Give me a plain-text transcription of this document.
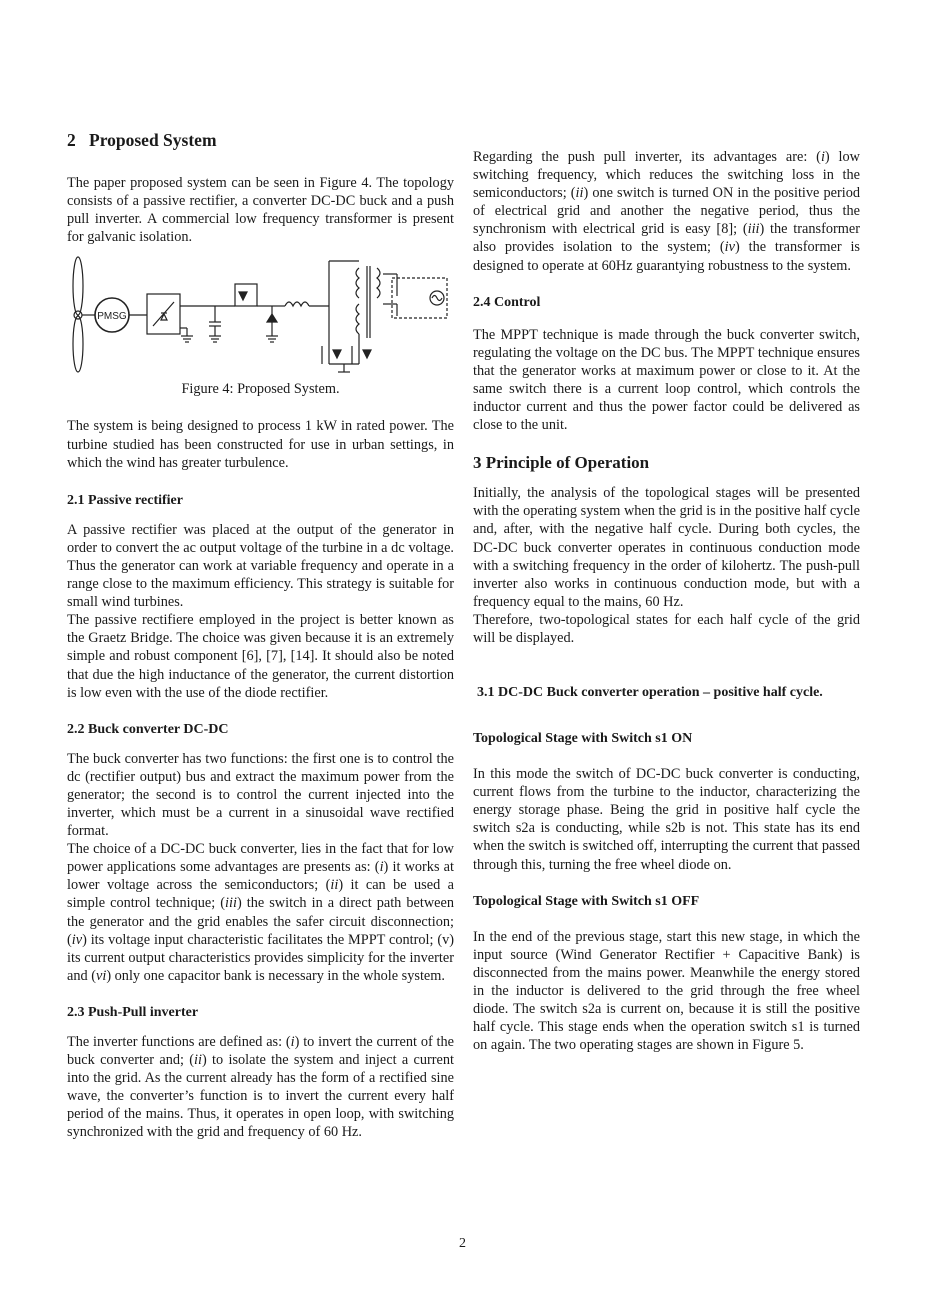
2 Proposed System

The paper proposed system can be seen in Figure 4. The topology consists of a passive rectifier, a converter DC-DC buck and a push pull inverter. A commercial low frequency transformer is present for galvanic isolation.

PMSG

Figure 4: Proposed System.

The system is being designed to process 1 kW in rated power. The turbine studied has been constructed for use in urban settings, in which the wind has greater turbulence.

2.1 Passive rectifier

A passive rectifier was placed at the output of the generator in order to convert the ac output voltage of the turbine in a dc voltage. Thus the generator can work at variable frequency and operate in a range close to the maximum efficiency. This strategy is suitable for small wind turbines.

The passive rectifiere employed in the project is better known as the Graetz Bridge. The choice was given because it is an extremely simple and robust component [6], [7], [14]. It should also be noted that due the high inductance of the generator, the current distortion is low even with the use of the diode rectifier.

2.2 Buck converter DC-DC

The buck converter has two functions: the first one is to control the dc (rectifier output) bus and extract the maximum power from the generator; the second is to control the current injected into the inverter, which must be a current in a sinusoidal wave rectified format.

The choice of a DC-DC buck converter, lies in the fact that for low power applications some advantages are presents as: (i) it works at lower voltage across the semiconductors; (ii) it can be used a simple control technique; (iii) the switch in a direct path between the generator and the grid enables the safer circuit disconnection; (iv) its voltage input characteristic facilitates the MPPT control; (v) its current output characteristics provides simplicity for the inverter and (vi) only one capacitor bank is necessary in the whole system.

2.3 Push-Pull inverter

The inverter functions are defined as: (i) to invert the current of the buck converter and; (ii) to isolate the system and inject a current into the grid. As the current already has the form of a rectified sine wave, the converter’s function is to invert the current every half period of the mains. Thus, it operates in open loop, with switching synchronized with the grid and frequency of 60 Hz.

Regarding the push pull inverter, its advantages are: (i) low switching frequency, which reduces the switching loss in the semiconductors; (ii) one switch is turned ON in the positive period of electrical grid and another the negative period, thus the synchronism with electrical grid is easy [8]; (iii) the transformer also provides isolation to the system; (iv) the transformer is designed to operate at 60Hz guarantying robustness to the system.

2.4 Control

The MPPT technique is made through the buck converter switch, regulating the voltage on the DC bus. The MPPT technique ensures that the generator works at maximum power or close to it. At the same switch there is a current loop control, which controls the inductor current and thus the power factor could be delivered as close to the unit.

3 Principle of Operation

Initially, the analysis of the topological stages will be presented with the operating system when the grid is in the positive half cycle and, after, with the negative half cycle. During both cycles, the DC-DC buck converter operates in continuous conduction mode with a switching frequency in the order of kilohertz. The push-pull inverter also works in continuous conduction mode, but with a frequency equal to the mains, 60 Hz.

Therefore, two-topological states for each half cycle of the grid will be displayed.

3.1 DC-DC Buck converter operation – positive half cycle.
Topological Stage with Switch s1 ON

In this mode the switch of DC-DC buck converter is conducting, current flows from the turbine to the inductor, characterizing the energy storage phase. Being the grid in positive half cycle the switch s2a is conducting, while s2b is not. This state has its end when the switch is switched off, interrupting the current that passed through this, turning the free wheel diode on.

Topological Stage with Switch s1 OFF

In the end of the previous stage, start this new stage, in which the input source (Wind Generator Rectifier + Capacitive Bank) is disconnected from the mains power. Meanwhile the energy stored in the inductor is delivered to the grid through the free wheel diode. The switch s2a is current on, because it is still the positive half cycle. This stage ends when the operation switch s1 is turned on again. The two operating stages are shown in Figure 5.

2
